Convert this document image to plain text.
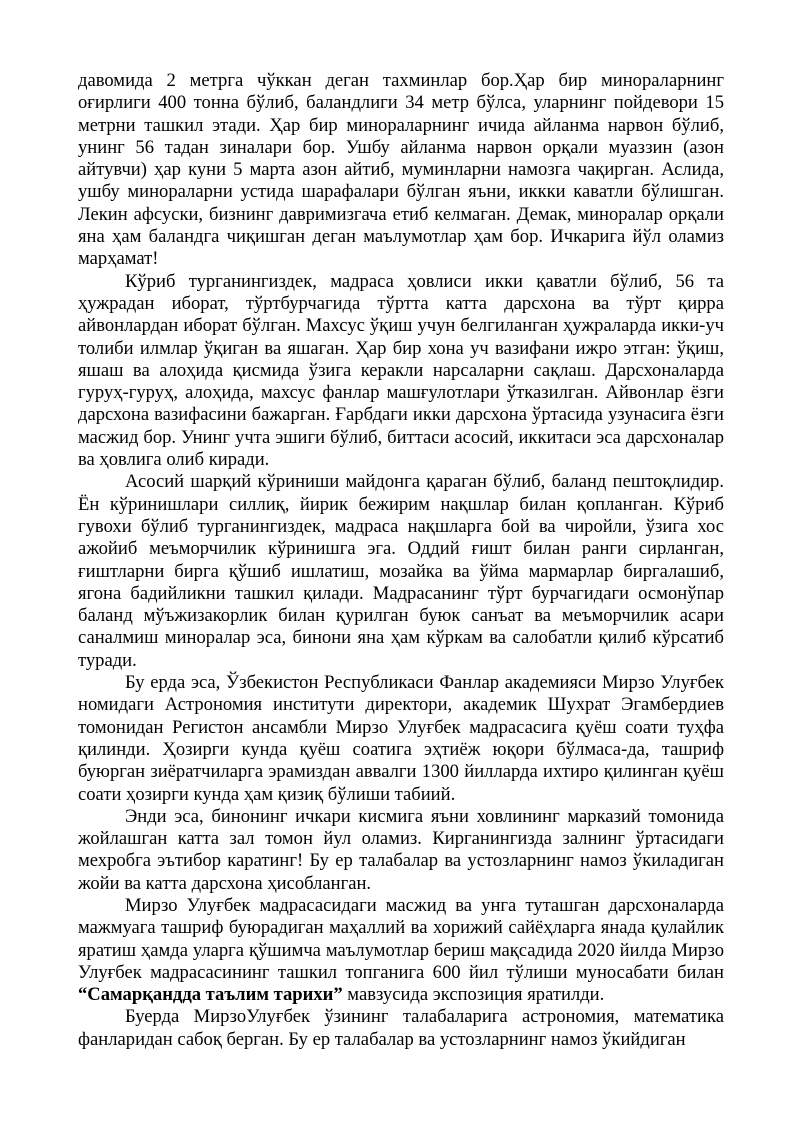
давомида 2 метрга чўккан деган тахминлар бор.Ҳар бир минораларнинг оғирлиги 400 тонна бўлиб, баландлиги 34 метр бўлса, уларнинг пойдевори 15 метрни ташкил этади. Ҳар бир минораларнинг ичида айланма нарвон бўлиб, унинг 56 тадан зиналари бор. Ушбу айланма нарвон орқали муаззин (азон айтувчи) ҳар куни 5 марта азон айтиб, муминларни намозга чақирган. Аслида, ушбу минораларни устида шарафалари бўлган яъни, иккки каватли бўлишган. Лекин афсуски, бизнинг давримизгача етиб келмаган. Демак, миноралар орқали яна ҳам баландга чиқишган деган маълумотлар ҳам бор. Ичкарига йўл оламиз марҳамат!

Кўриб турганингиздек, мадраса ҳовлиси икки қаватли бўлиб, 56 та ҳужрадан иборат, тўртбурчагида тўртта катта дарсхона ва тўрт қирра айвонлардан иборат бўлган. Махсус ўқиш учун белгиланган ҳужраларда икки-уч толиби илмлар ўқиган ва яшаган. Ҳар бир хона уч вазифани ижро этган: ўқиш, яшаш ва алоҳида қисмида ўзига керакли нарсаларни сақлаш. Дарсхоналарда гуруҳ-гуруҳ, алоҳида, махсус фанлар машғулотлари ўтказилган. Айвонлар ёзги дарсхона вазифасини бажарган. Ғарбдаги икки дарсхона ўртасида узунасига ёзги масжид бор. Унинг учта эшиги бўлиб, биттаси асосий, иккитаси эса дарсхоналар ва ҳовлига олиб киради.

Асосий шарқий кўриниши майдонга қараган бўлиб, баланд пештоқлидир. Ён кўринишлари силлиқ, йирик бежирим нақшлар билан қопланган. Кўриб гувохи бўлиб турганингиздек, мадраса нақшларга бой ва чиройли, ўзига хос ажойиб меъморчилик кўринишга эга. Оддий ғишт билан ранги сирланган, ғиштларни бирга қўшиб ишлатиш, мозайка ва ўйма мармарлар биргалашиб, ягона бадийликни ташкил қилади. Мадрасанинг тўрт бурчагидаги осмонўпар баланд мўъжизакорлик билан қурилган буюк санъат ва меъморчилик асари саналмиш миноралар эса, бинони яна ҳам кўркам ва салобатли қилиб кўрсатиб туради.

Бу ерда эса, Ўзбекистон Республикаси Фанлар академияси Мирзо Улуғбек номидаги Астрономия институти директори, академик Шухрат Эгамбердиев томонидан Регистон ансамбли Мирзо Улуғбек мадрасасига қуёш соати туҳфа қилинди. Ҳозирги кунда қуёш соатига эҳтиёж юқори бўлмаса-да, ташриф буюрган зиёратчиларга эрамиздан аввалги 1300 йилларда ихтиро қилинган қуёш соати ҳозирги кунда ҳам қизиқ бўлиши табиий.

Энди эса, бинонинг ичкари кисмига яъни ховлининг марказий томонида жойлашган катта зал томон йул оламиз. Кирганингизда залнинг ўртасидаги мехробга эътибор каратинг! Бу ер талабалар ва устозларнинг намоз ўкиладиган жойи ва катта дарсхона ҳисобланган.

Мирзо Улуғбек мадрасасидаги масжид ва унга туташган дарсхоналарда мажмуага ташриф буюрадиган маҳаллий ва хорижий сайёҳларга янада қулайлик яратиш ҳамда уларга қўшимча маълумотлар бериш мақсадида 2020 йилда Мирзо Улуғбек мадрасасининг ташкил топганига 600 йил тўлиши муносабати билан “Самарқандда таълим тарихи” мавзусида экспозиция яратилди.

Буерда МирзоУлуғбек ўзининг талабаларига астрономия, математика фанларидан сабоқ берган. Бу ер талабалар ва устозларнинг намоз ўкийдиган
